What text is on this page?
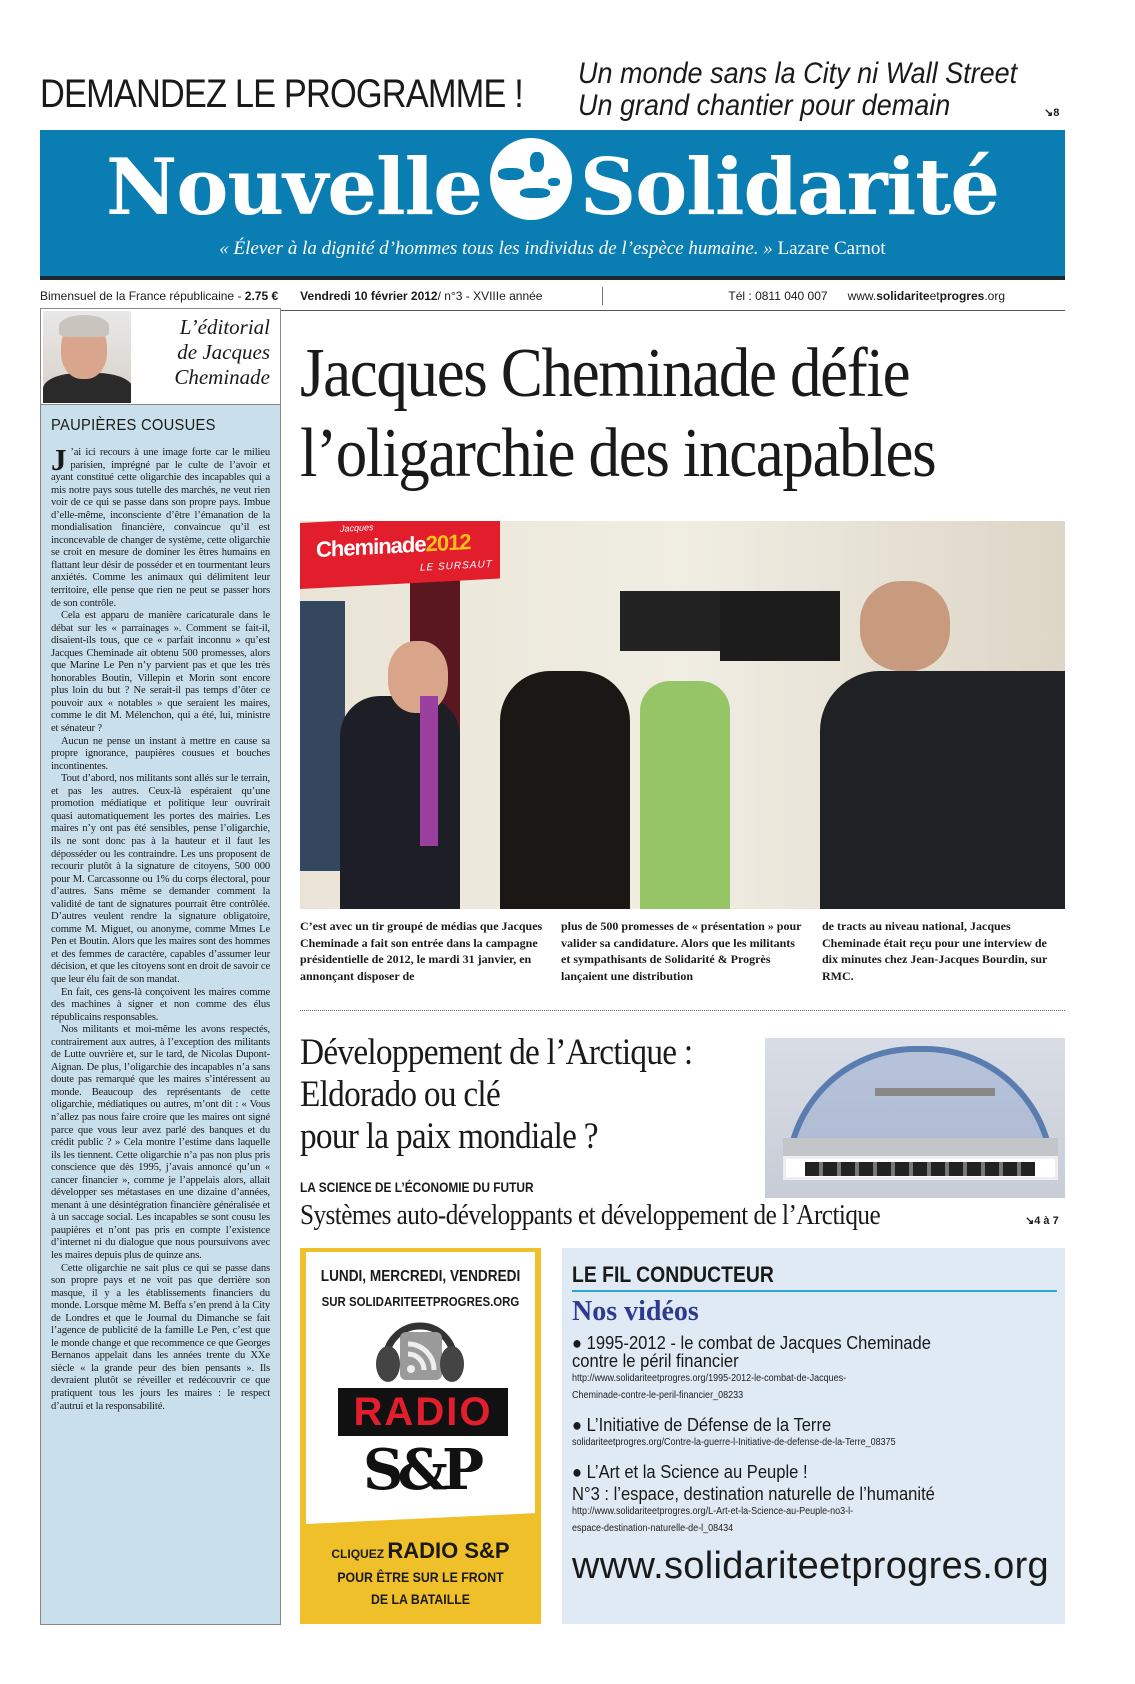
DEMANDEZ LE PROGRAMME ! Un monde sans la City ni Wall Street
Un grand chantier pour demain	↘8
Nouvelle Solidarité
« Élever à la dignité d’hommes tous les individus de l’espèce humaine. » Lazare Carnot
Bimensuel de la France républicaine -
2.75 € Vendredi 10 février 2012 / n°3 - XVIIIe année	Tél : 0811 040 007 www.solidariteetprogres.org
L’éditorial
de Jacques
Cheminade
PAUPIÈRES COUSUES

J ’ai ici recours à une image forte car le milieu parisien, imprégné par le culte de l’avoir et ayant constitué cette oligarchie des incapables qui a mis notre pays sous tutelle des marchés, ne veut rien voir de ce qui se passe dans son propre pays. Imbue d’elle-même, inconsciente d’être l’émanation de la mondialisation financière, convaincue qu’il est inconcevable de changer de système, cette oligarchie se croit en mesure de dominer les êtres humains en flattant leur désir de posséder et en tourmentant leurs anxiétés. Comme les animaux qui délimitent leur territoire, elle pense que rien ne peut se passer hors de son contrôle.

Cela est apparu de manière caricaturale dans le débat sur les « parrainages ». Comment se fait-il, disaient-ils tous, que ce « parfait inconnu » qu’est Jacques Cheminade ait obtenu 500 promesses, alors que Marine Le Pen n’y parvient pas et que les très honorables Boutin, Villepin et Morin sont encore plus loin du but ? Ne serait-il pas temps d’ôter ce pouvoir aux « notables » que seraient les maires, comme le dit M. Mélenchon, qui a été, lui, ministre et sénateur ?

Aucun ne pense un instant à mettre en cause sa propre ignorance, paupières cousues et bouches incontinentes.

Tout d’abord, nos militants sont allés sur le terrain, et pas les autres. Ceux-là espéraient qu’une promotion médiatique et politique leur ouvrirait quasi automatiquement les portes des mairies. Les maires n’y ont pas été sensibles, pense l’oligarchie, ils ne sont donc pas à la hauteur et il faut les déposséder ou les contraindre. Les uns proposent de recourir plutôt à la signature de citoyens, 500 000 pour M. Carcassonne ou 1% du corps électoral, pour d’autres. Sans même se demander comment la validité de tant de signatures pourrait être contrôlée. D’autres veulent rendre la signature obligatoire, comme M. Miguet, ou anonyme, comme Mmes Le Pen et Boutin. Alors que les maires sont des hommes et des femmes de caractère, capables d’assumer leur décision, et que les citoyens sont en droit de savoir ce que leur élu fait de son mandat.

En fait, ces gens-là conçoivent les maires comme des machines à signer et non comme des élus républicains responsables.

Nos militants et moi-même les avons respectés, contrairement aux autres, à l’exception des militants de Lutte ouvrière et, sur le tard, de Nicolas Dupont-Aignan. De plus, l’oligarchie des incapables n’a sans doute pas remarqué que les maires s’intéressent au monde. Beaucoup des représentants de cette oligarchie, médiatiques ou autres, m’ont dit : « Vous n’allez pas nous faire croire que les maires ont signé parce que vous leur avez parlé des banques et du crédit public ? » Cela montre l’estime dans laquelle ils les tiennent. Cette oligarchie n’a pas non plus pris conscience que dès 1995, j’avais annoncé qu’un « cancer financier », comme je l’appelais alors, allait développer ses métastases en une dizaine d’années, menant à une désintégration financière généralisée et à un saccage social. Les incapables se sont cousu les paupières et n’ont pas pris en compte l’existence d’internet ni du dialogue que nous poursuivons avec les maires depuis plus de quinze ans.

Cette oligarchie ne sait plus ce qui se passe dans son propre pays et ne voit pas que derrière son masque, il y a les établissements financiers du monde. Lorsque même M. Beffa s’en prend à la City de Londres et que le Journal du Dimanche se fait l’agence de publicité de la famille Le Pen, c’est que le monde change et que recommence ce que Georges Bernanos appelait dans les années trente du XXe siècle « la grande peur des bien pensants ». Ils devraient plutôt se réveiller et redécouvrir ce que pratiquent tous les jours les maires : le respect d’autrui et la responsabilité.

Jacques Cheminade défie
l’oligarchie des incapables
Jacques
Cheminade2012
LE SURSAUT
C’est avec un tir groupé de médias que Jacques Cheminade a fait son entrée dans la campagne présidentielle de 2012, le mardi 31 janvier, en annonçant disposer de
plus de 500 promesses de « présentation » pour valider sa candidature. Alors que les militants et sympathisants de Solidarité & Progrès lançaient une distribution
de tracts au niveau national, Jacques Cheminade était reçu pour une interview de dix minutes chez Jean-Jacques Bourdin, sur RMC.
Développement de l’Arctique :
Eldorado ou clé
pour la paix mondiale ?
LA SCIENCE DE L’ÉCONOMIE DU FUTUR
Systèmes auto-développants et développement de l’Arctique	↘4 à 7
LUNDI, MERCREDI, VENDREDI
SUR SOLIDARITEETPROGRES.ORG
RADIO
S&P
CLIQUEZ RADIO S&P
POUR ÊTRE SUR LE FRONT
DE LA BATAILLE
LE FIL CONDUCTEUR
Nos vidéos
● 1995-2012 - le combat de Jacques Cheminade
contre le péril financier
http://www.solidariteetprogres.org/1995-2012-le-combat-de-Jacques-
Cheminade-contre-le-peril-financier_08233
● L’Initiative de Défense de la Terre
solidariteetprogres.org/Contre-la-guerre-l-Initiative-de-defense-de-la-Terre_08375
● L’Art et la Science au Peuple !
N°3 : l’espace, destination naturelle de l’humanité
http://www.solidariteetprogres.org/L-Art-et-la-Science-au-Peuple-no3-l-
espace-destination-naturelle-de-l_08434
www.solidariteetprogres.org
